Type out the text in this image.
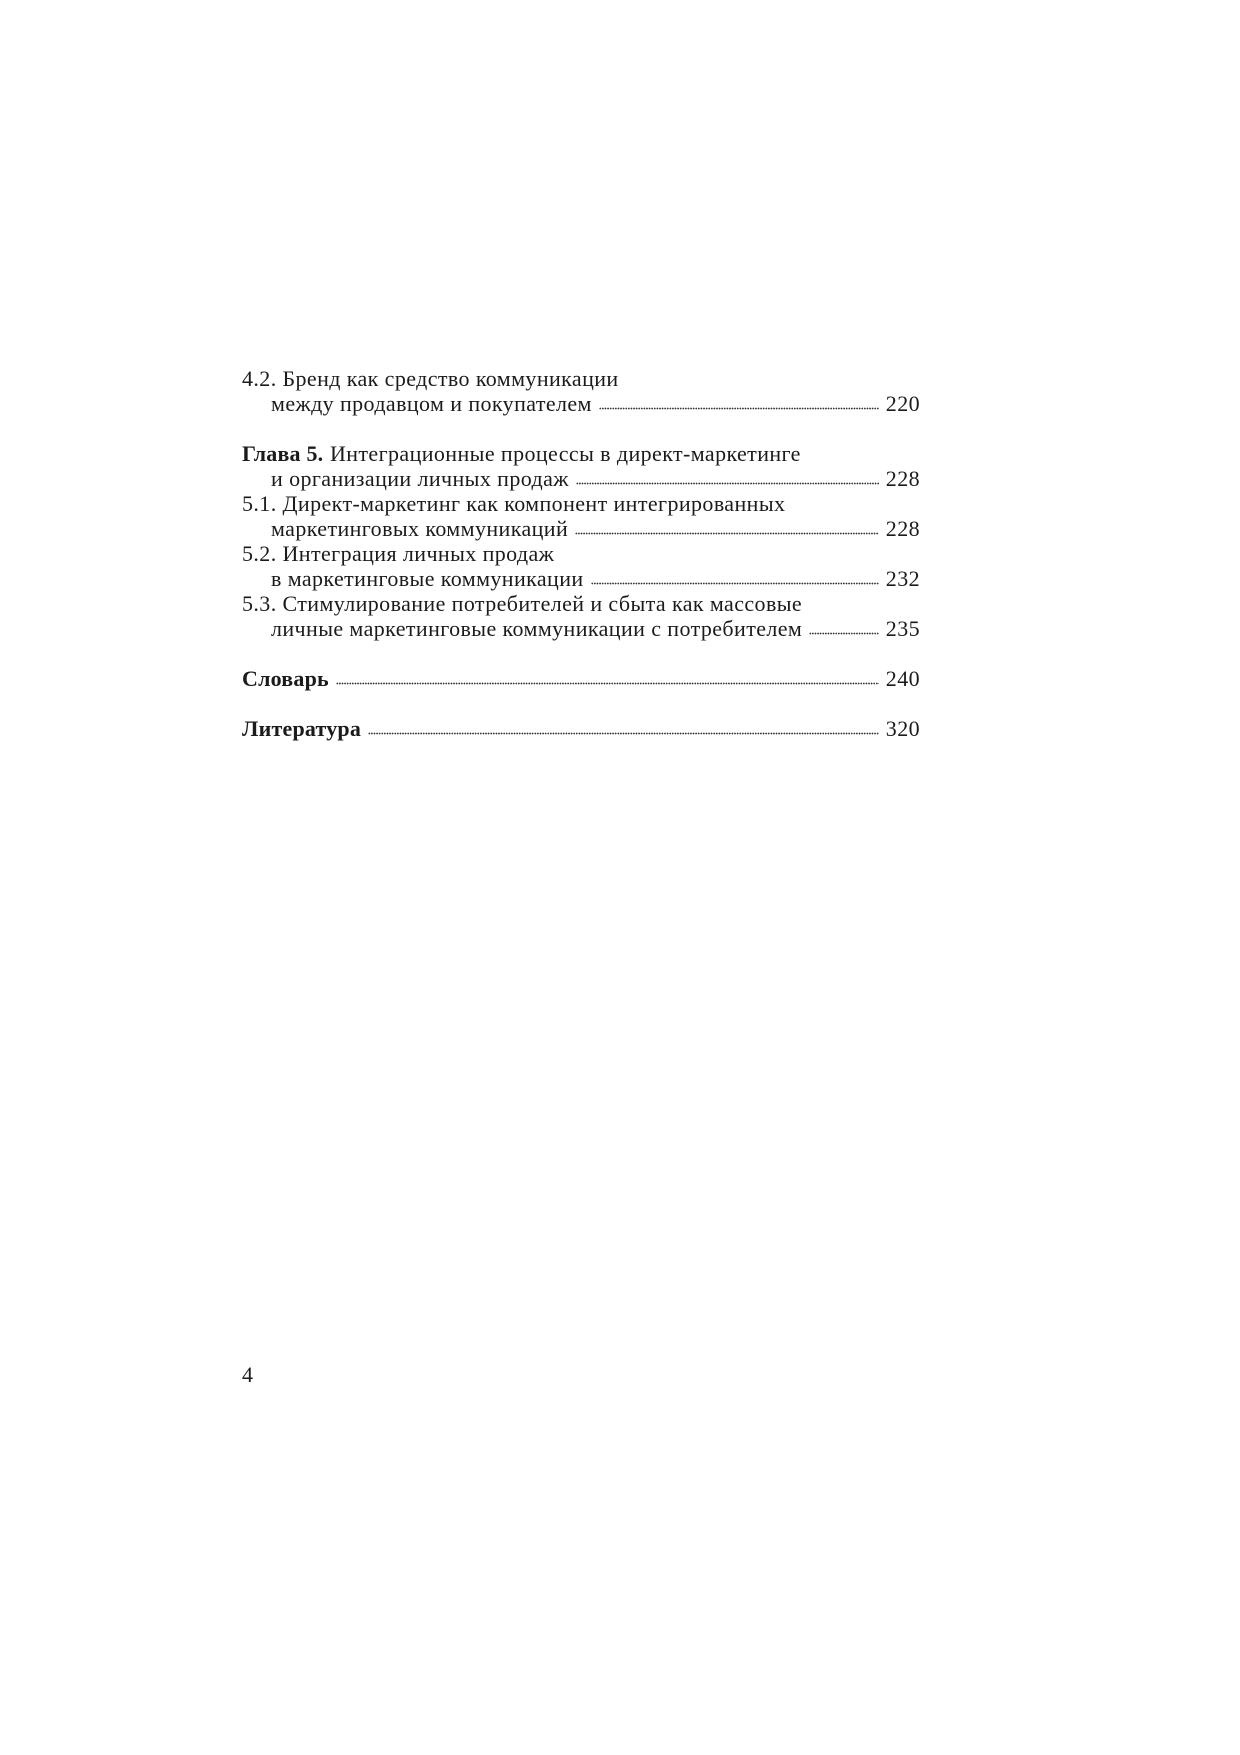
4.2. Бренд как средство коммуникации
между продавцом и покупателем	220
Глава 5. Интеграционные процессы в директ-маркетинге
и организации личных продаж	228
5.1. Директ-маркетинг как компонент интегрированных
маркетинговых коммуникаций	228
5.2. Интеграция личных продаж
в маркетинговые коммуникации	232
5.3. Стимулирование потребителей и сбыта как массовые
личные маркетинговые коммуникации с потребителем	235
Словарь	240
Литература	320
4
